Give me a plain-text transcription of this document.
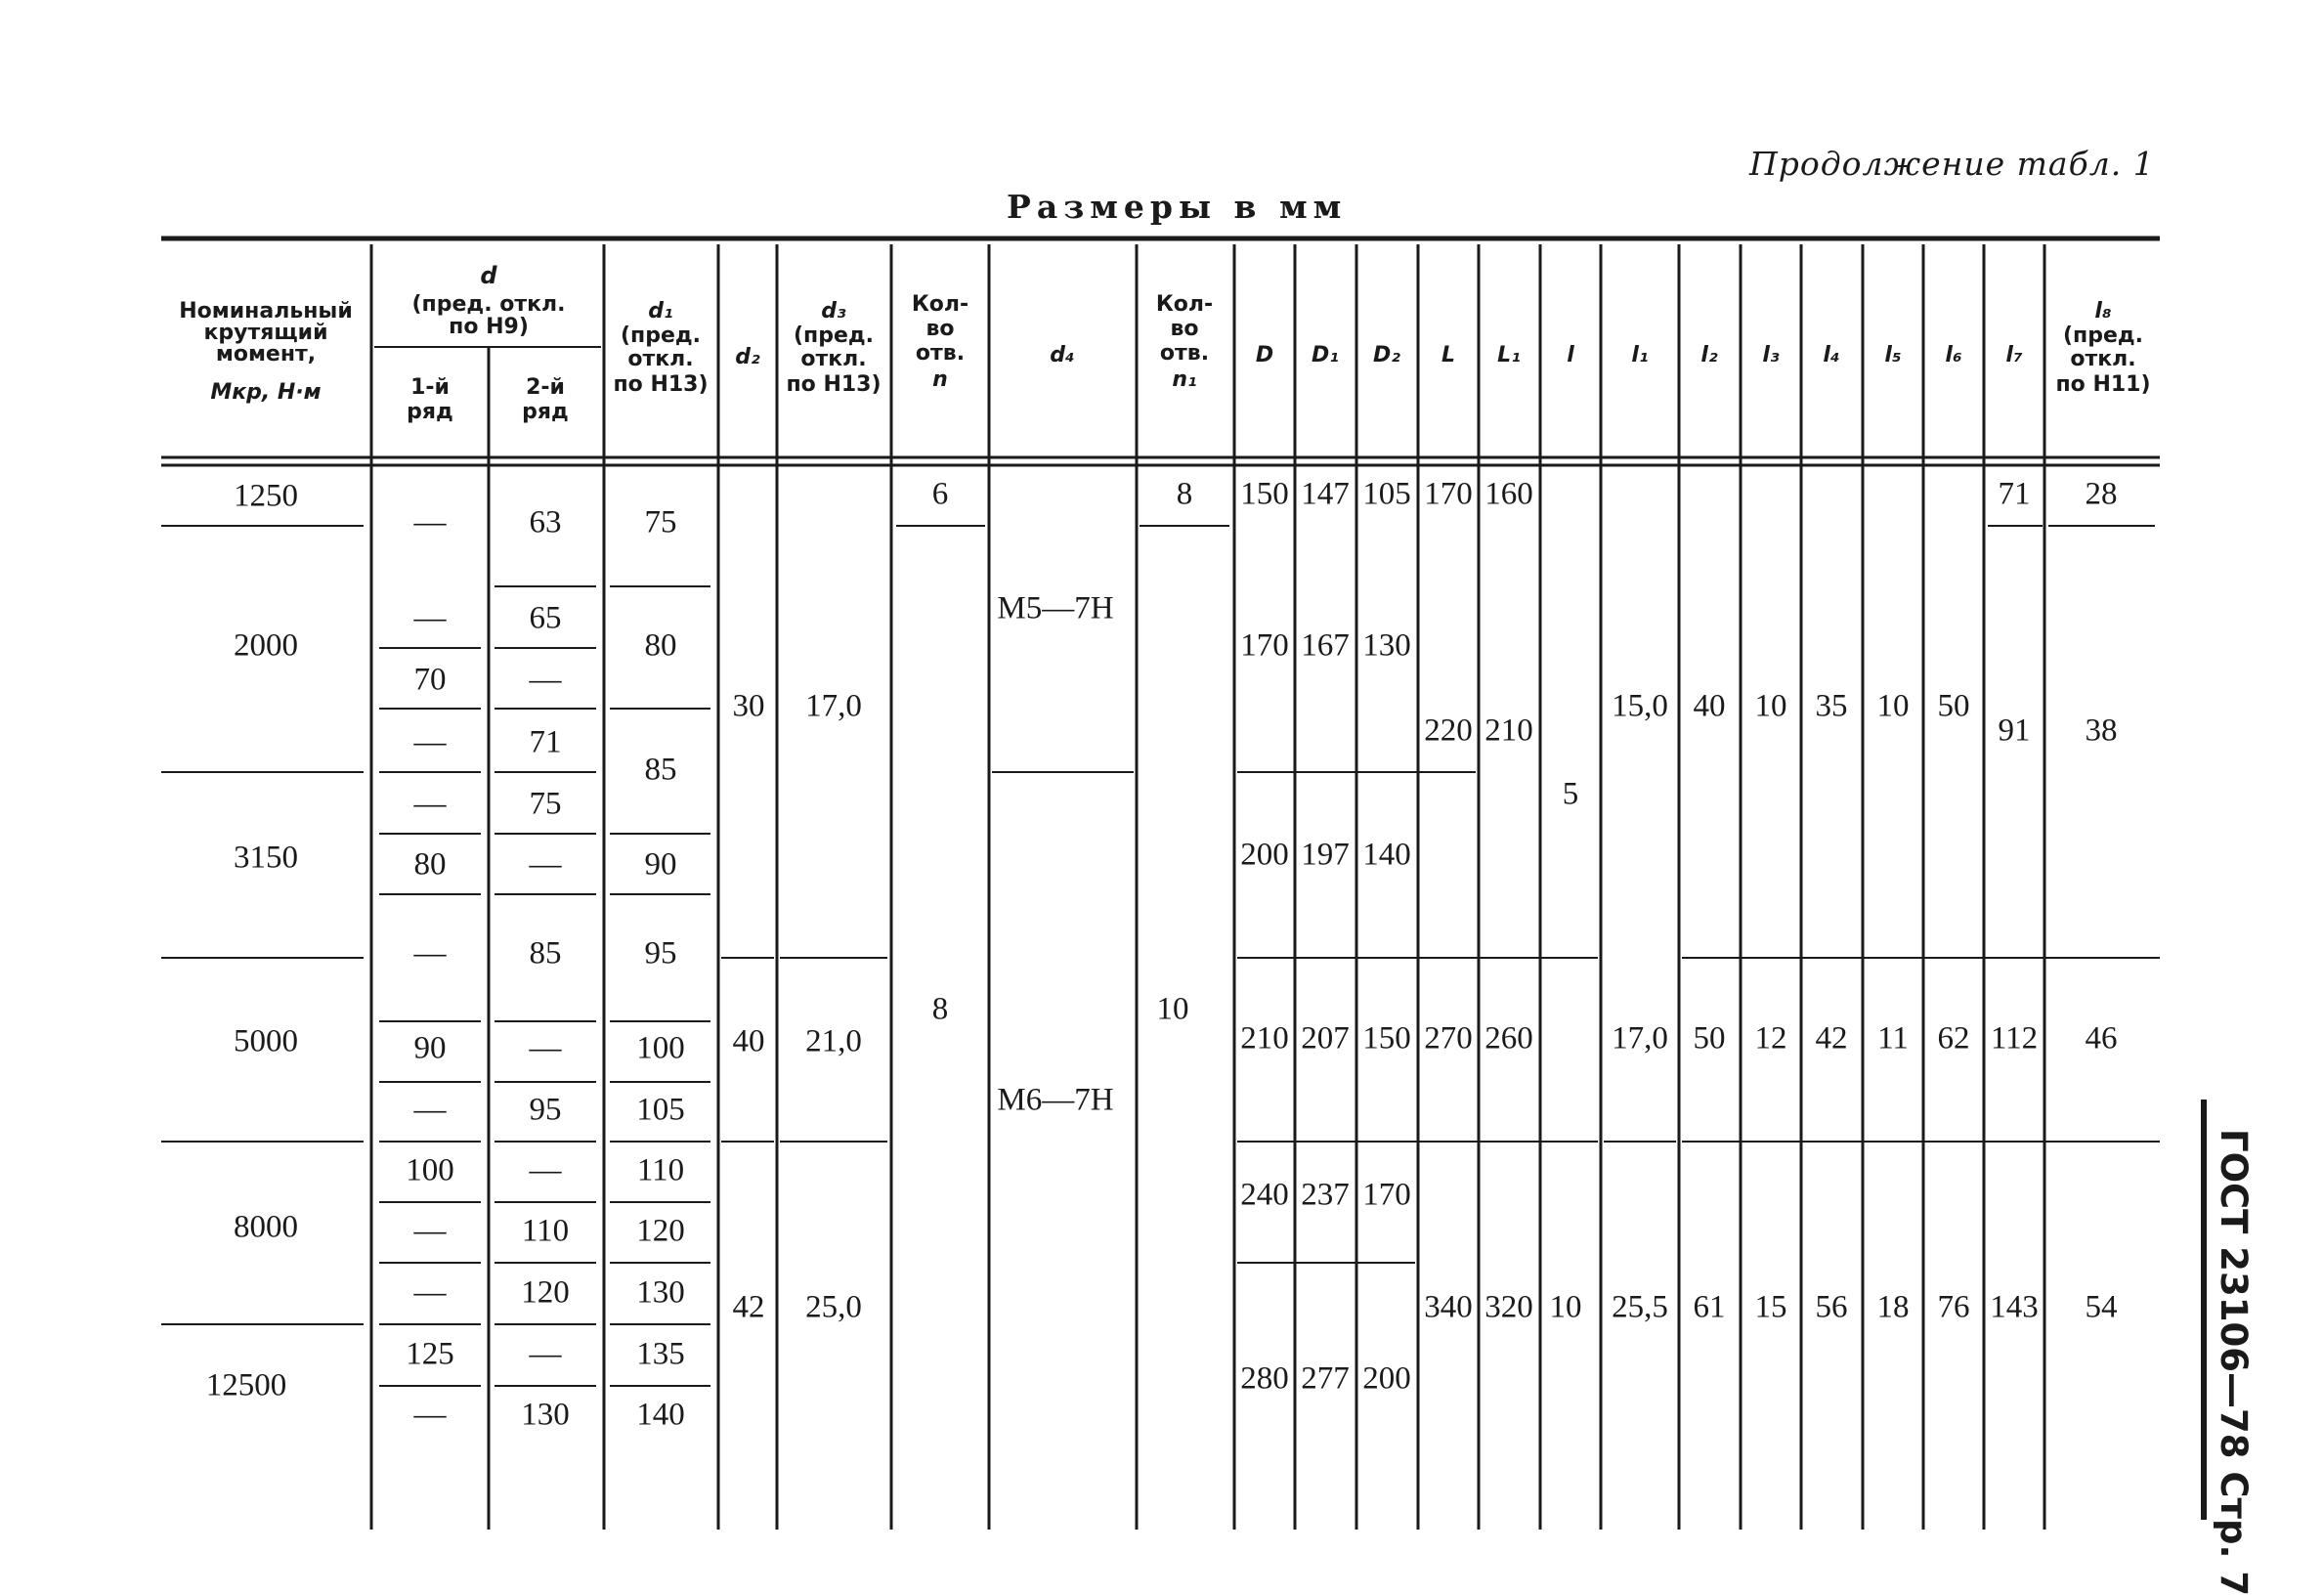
Продолжение табл. 1
Размеры в мм
ГОСТ 23106—78 Стр. 7
Номинальный
крутящий
момент,
Mкр, Н·м
d
(пред. откл.
по H9)
1-й
ряд
2-й
ряд
d₁
(пред.
откл.
по H13)
d₂
d₃
(пред.
откл.
по H13)
Кол-
во
отв.
n
d₄
Кол-
во
отв.
n₁
D D₁ D₂ L L₁ l	l₁ l₂ l₃ l₄ l₅ l₆ l₇
l₈
(пред.
откл.
по H11)
1250
2000
3150
5000
8000
12500
—
—
70
—
—
80
—
90
—
100
—
—
125
—
63
65
—
71
75
—
85
—
95
—
110
120
—
130
75
80
85
90
95
100
105
110
120
130
135
140
30
40
42
17,0
21,0
25,0
6
8
M5—7H
M6—7H
8
10
150
170
200
210
240
280
147
167
197
207
237
277
105
130
140
150
170
200
170
220
270
340
160
210
260
320
5
10
15,0
17,0
25,5
40
50
61
10
12
15
35
42
56
10
11
18
50
62
76
71
91
112
143
28
38
46
54
